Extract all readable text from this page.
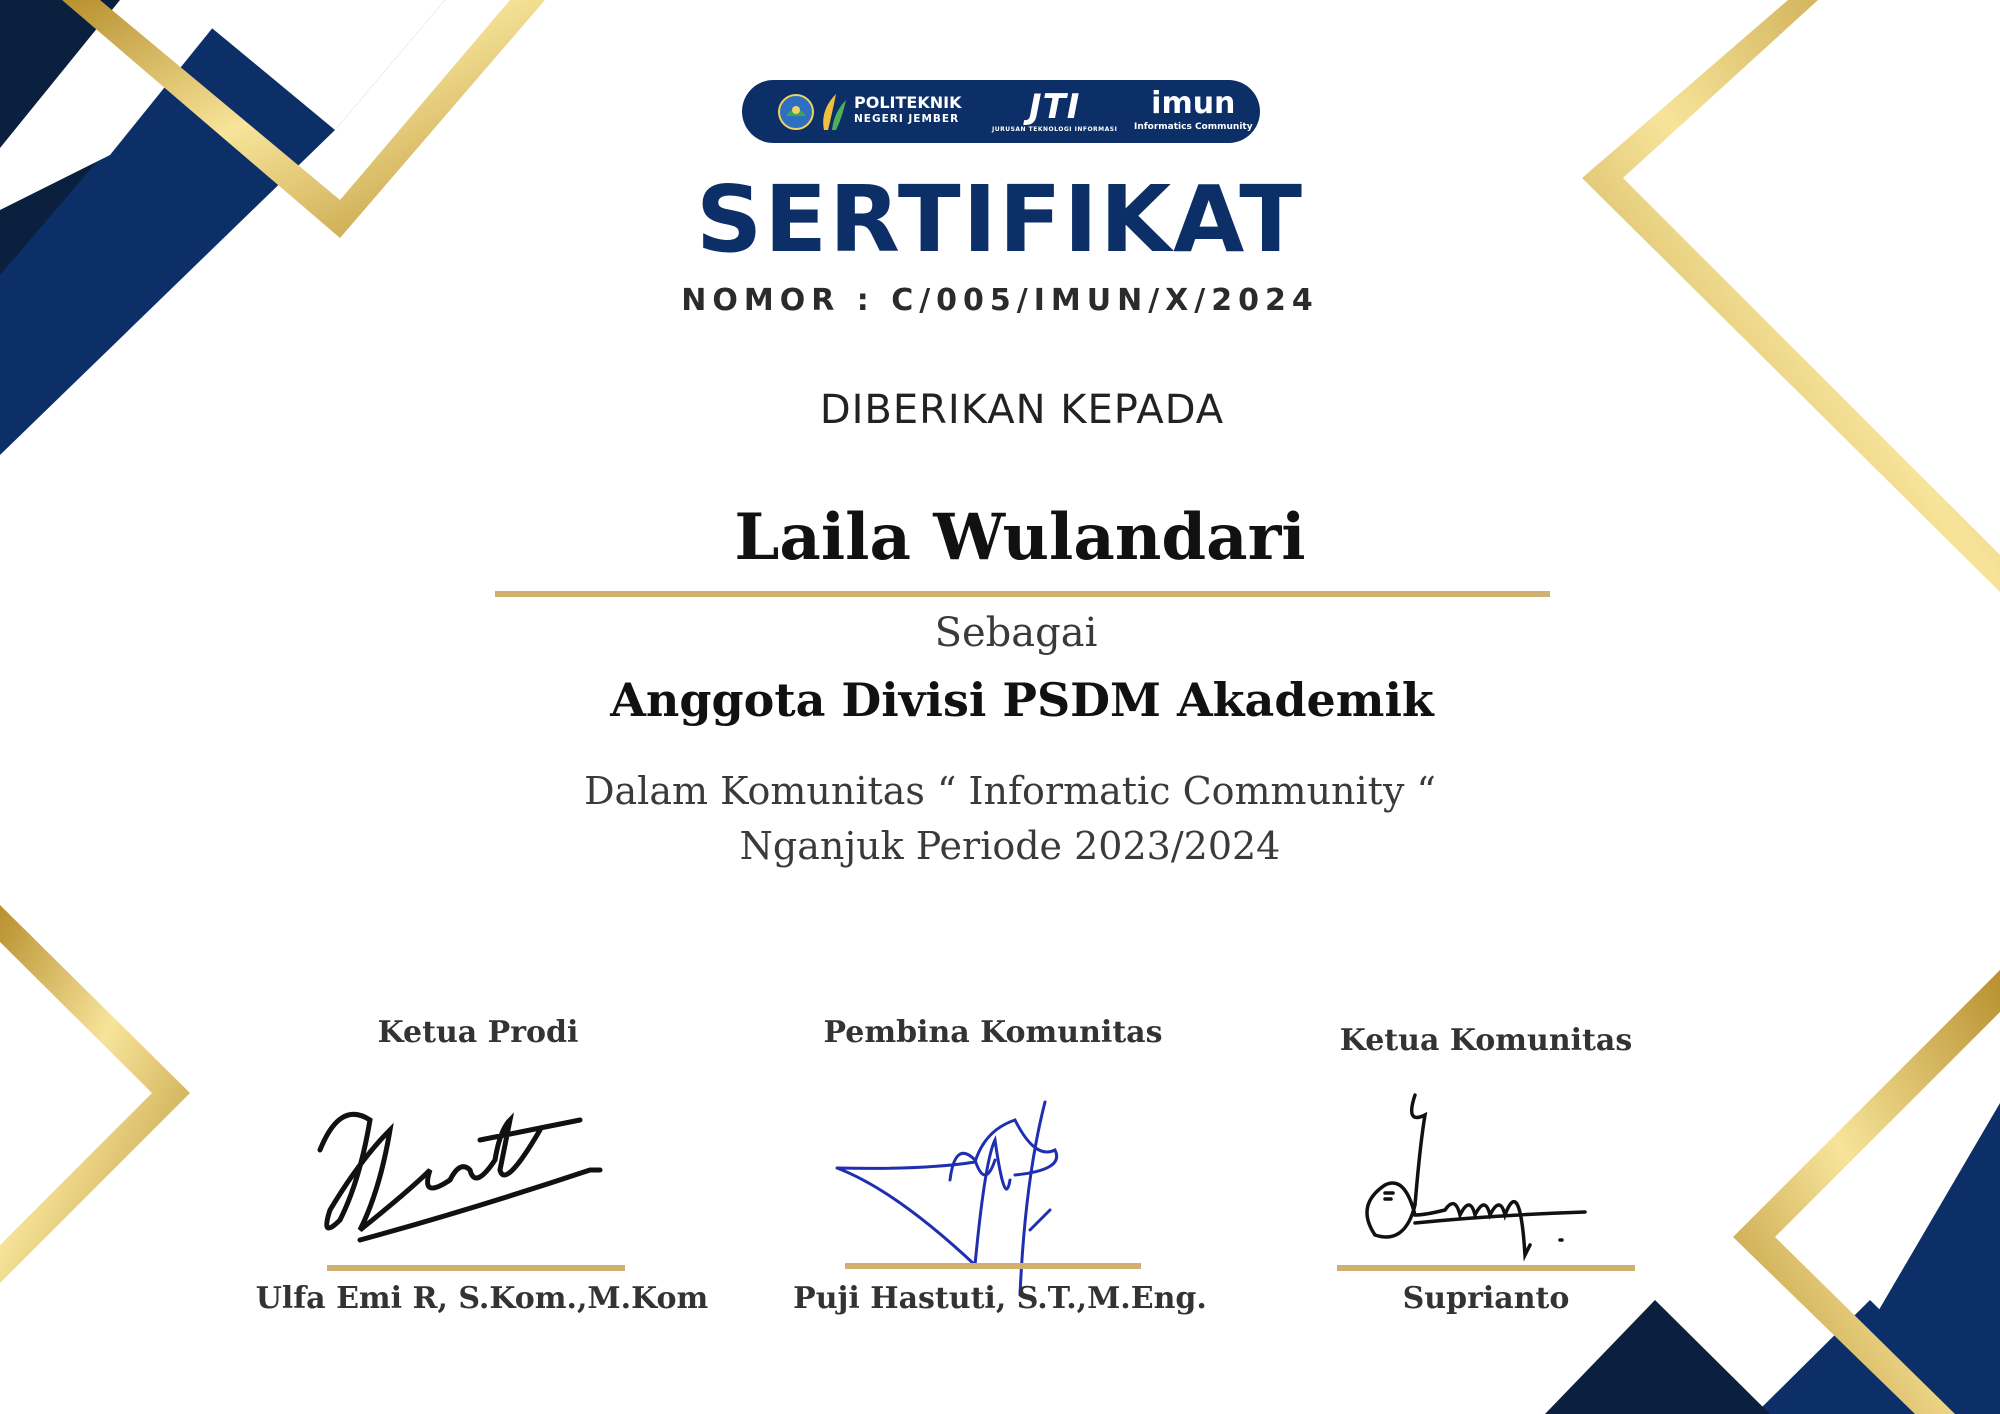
POLITEKNIK
NEGERI JEMBER	JTI
JURUSAN TEKNOLOGI INFORMASI
imun
Informatics Community
SERTIFIKAT
NOMOR : C/005/IMUN/X/2024
DIBERIKAN KEPADA
Laila Wulandari
Sebagai
Anggota Divisi PSDM Akademik
Dalam Komunitas “ Informatic Community “
Nganjuk Periode 2023/2024
Ketua Prodi
Ulfa Emi R, S.Kom.,M.Kom
Pembina Komunitas
Puji Hastuti, S.T.,M.Eng.
Ketua Komunitas
Suprianto
